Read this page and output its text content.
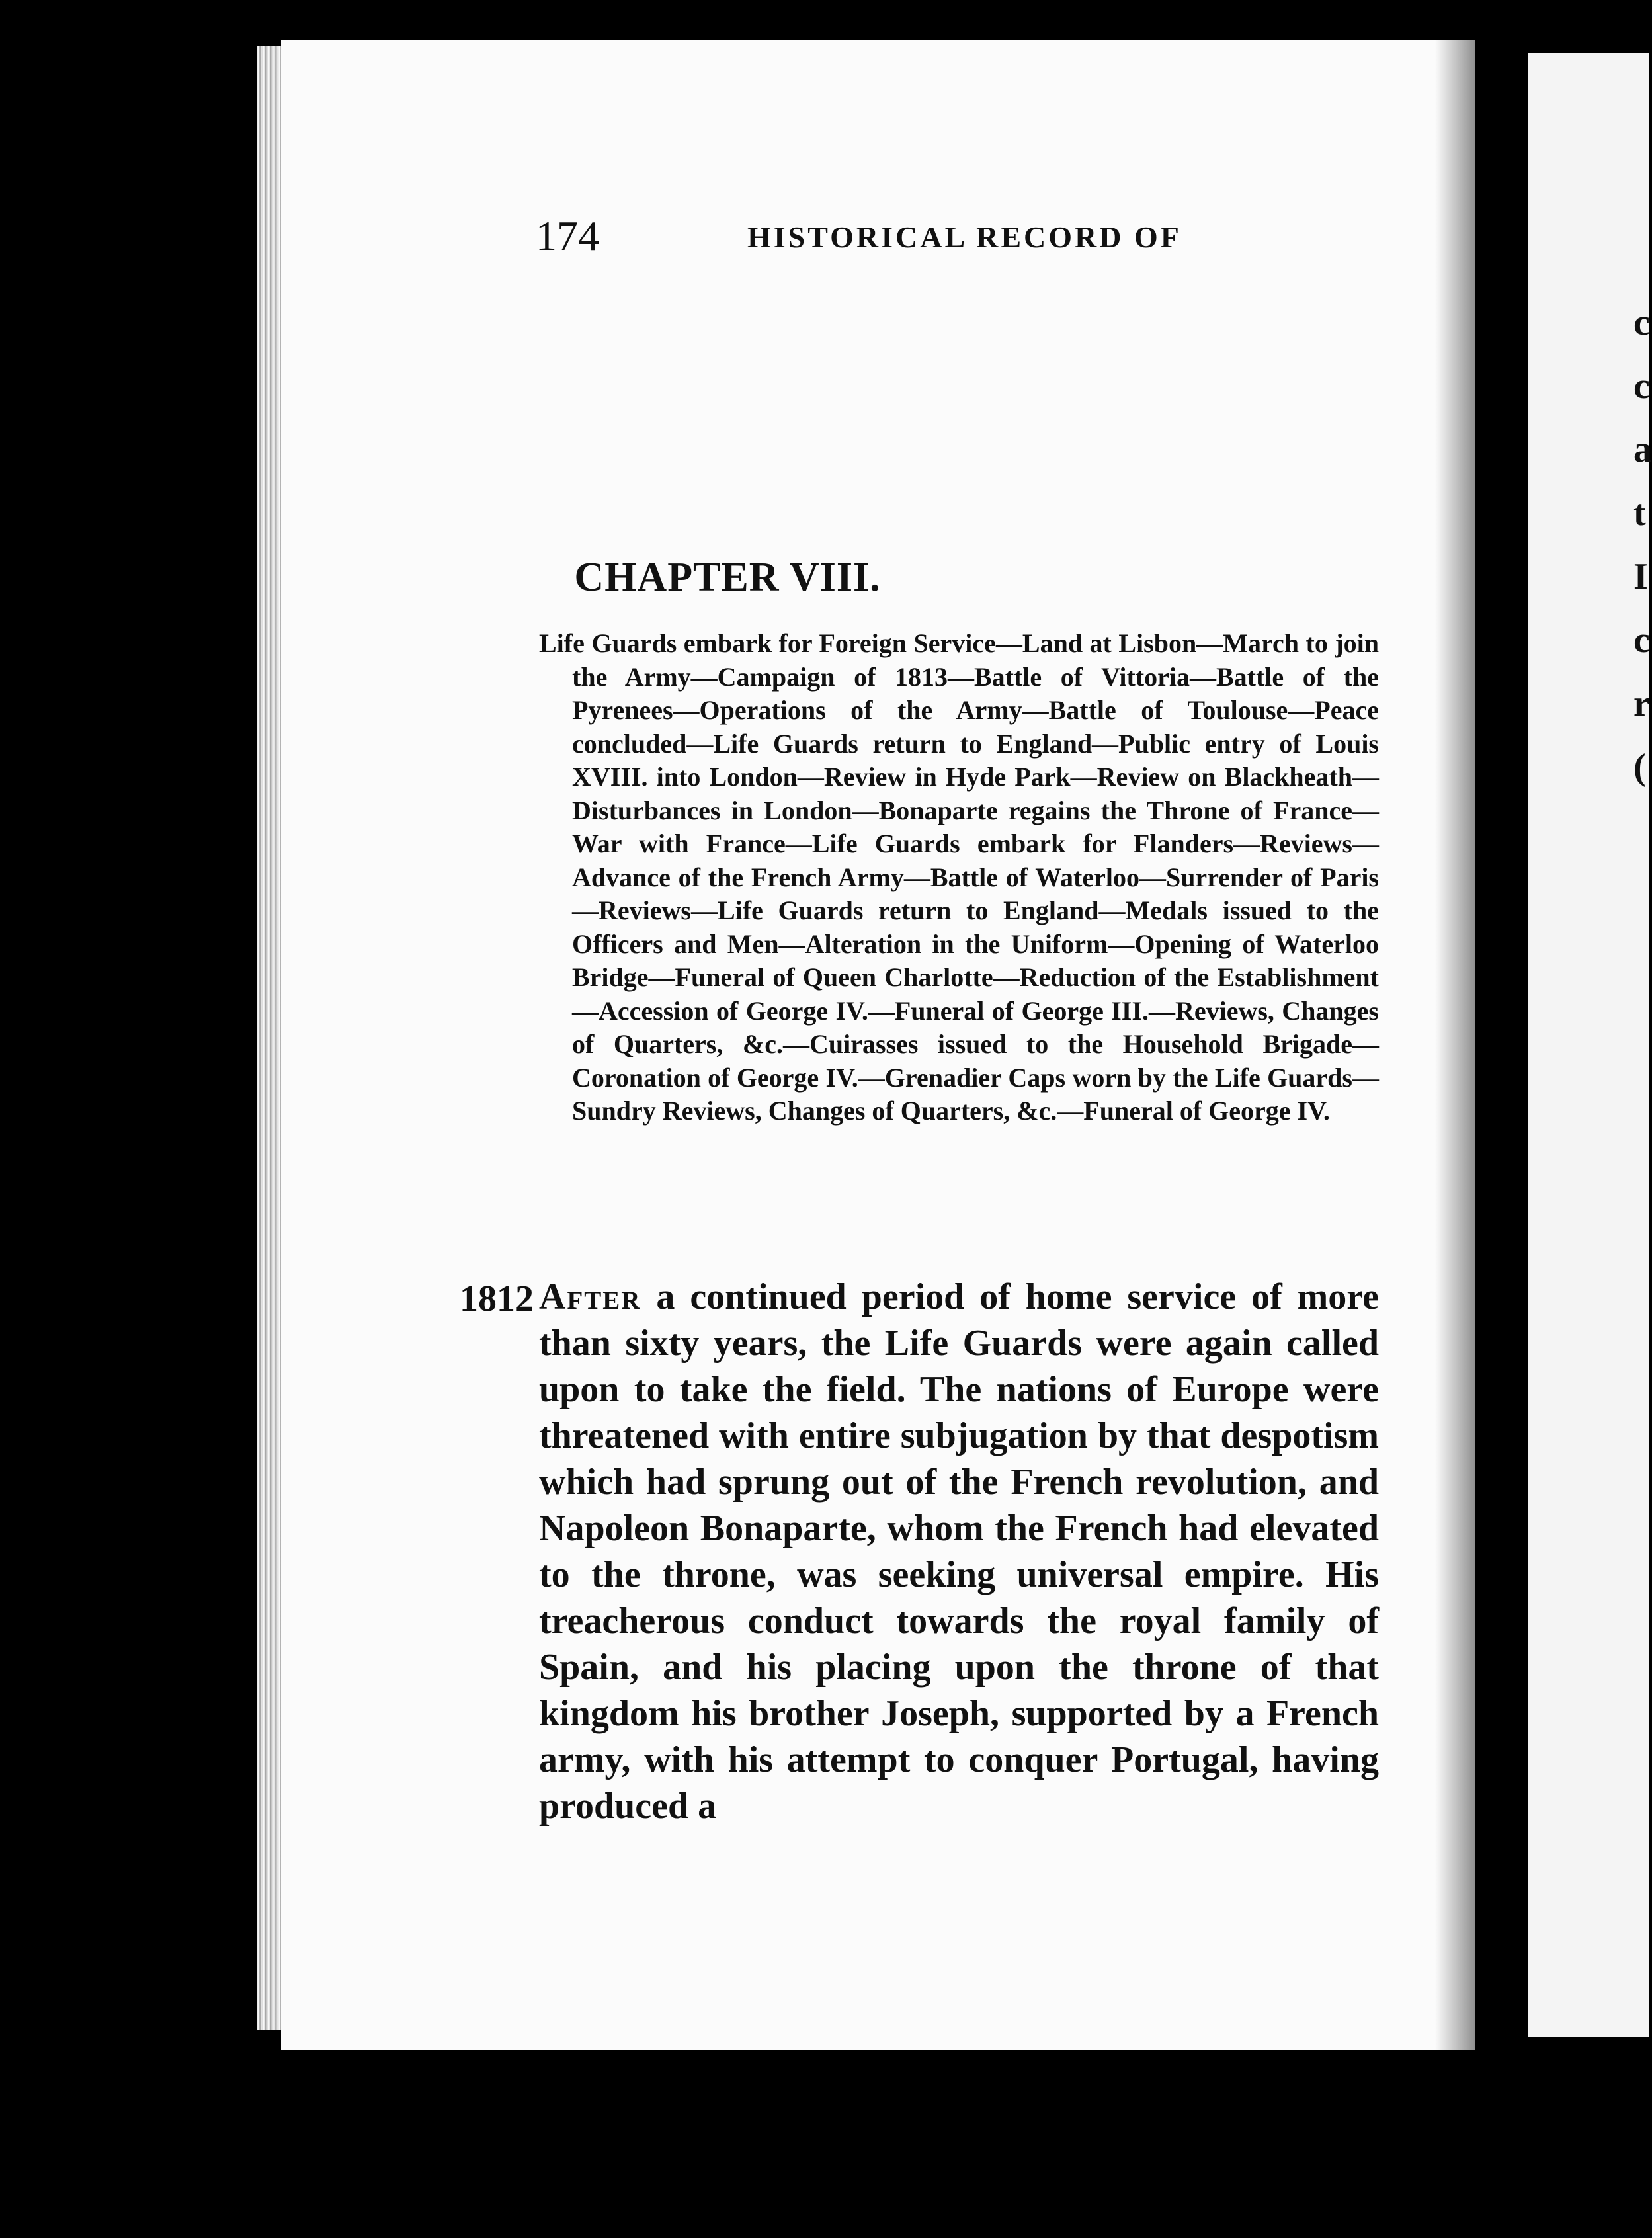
c
c
a
t
I
c
r
(
174	HISTORICAL RECORD OF
CHAPTER VIII.
Life Guards embark for Foreign Service—Land at Lisbon—March to join the Army—Campaign of 1813—Battle of Vittoria—Battle of the Pyrenees—Operations of the Army—Battle of Toulouse—Peace concluded—Life Guards return to England—Public entry of Louis XVIII. into London—Review in Hyde Park—Review on Blackheath—Disturbances in London—Bonaparte regains the Throne of France—War with France—Life Guards embark for Flanders—Reviews—Advance of the French Army—Battle of Waterloo—Surrender of Paris—Reviews—Life Guards return to England—Medals issued to the Officers and Men—Alteration in the Uniform—Opening of Waterloo Bridge—Funeral of Queen Charlotte—Reduction of the Establishment—Accession of George IV.—Funeral of George III.—Reviews, Changes of Quarters, &c.—Cuirasses issued to the Household Brigade—Coronation of George IV.—Grenadier Caps worn by the Life Guards—Sundry Reviews, Changes of Quarters, &c.—Funeral of George IV.
1812 After a continued period of home service of more than sixty years, the Life Guards were again called upon to take the field. The nations of Europe were threatened with entire subjugation by that despotism which had sprung out of the French revolution, and Napoleon Bonaparte, whom the French had elevated to the throne, was seeking universal empire. His treacherous conduct towards the royal family of Spain, and his placing upon the throne of that kingdom his brother Joseph, supported by a French army, with his attempt to conquer Portugal, having produced a
